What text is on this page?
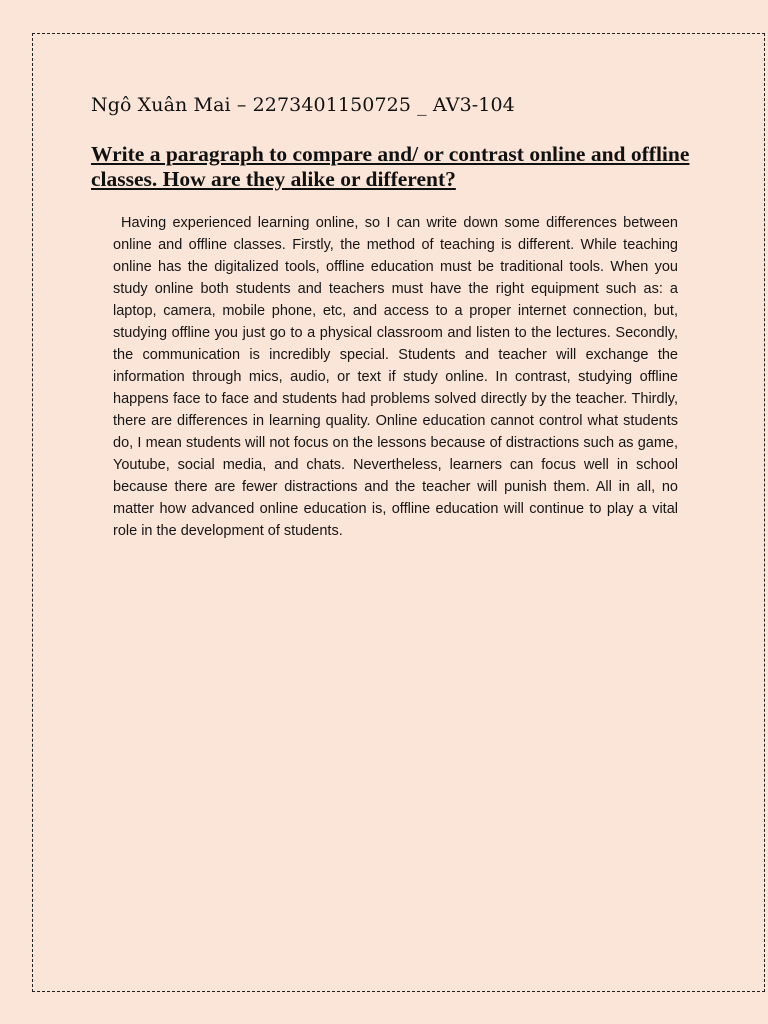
Ngô Xuân Mai – 2273401150725 _ AV3-104
Write a paragraph to compare and/ or contrast online and offline classes. How are they alike or different?

Having experienced learning online, so I can write down some differences between online and offline classes. Firstly, the method of teaching is different. While teaching online has the digitalized tools, offline education must be traditional tools. When you study online both students and teachers must have the right equipment such as: a laptop, camera, mobile phone, etc, and access to a proper internet connection, but, studying offline you just go to a physical classroom and listen to the lectures. Secondly, the communication is incredibly special. Students and teacher will exchange the information through mics, audio, or text if study online. In contrast, studying offline happens face to face and students had problems solved directly by the teacher. Thirdly, there are differences in learning quality. Online education cannot control what students do, I mean students will not focus on the lessons because of distractions such as game, Youtube, social media, and chats. Nevertheless, learners can focus well in school because there are fewer distractions and the teacher will punish them. All in all, no matter how advanced online education is, offline education will continue to play a vital role in the development of students.
